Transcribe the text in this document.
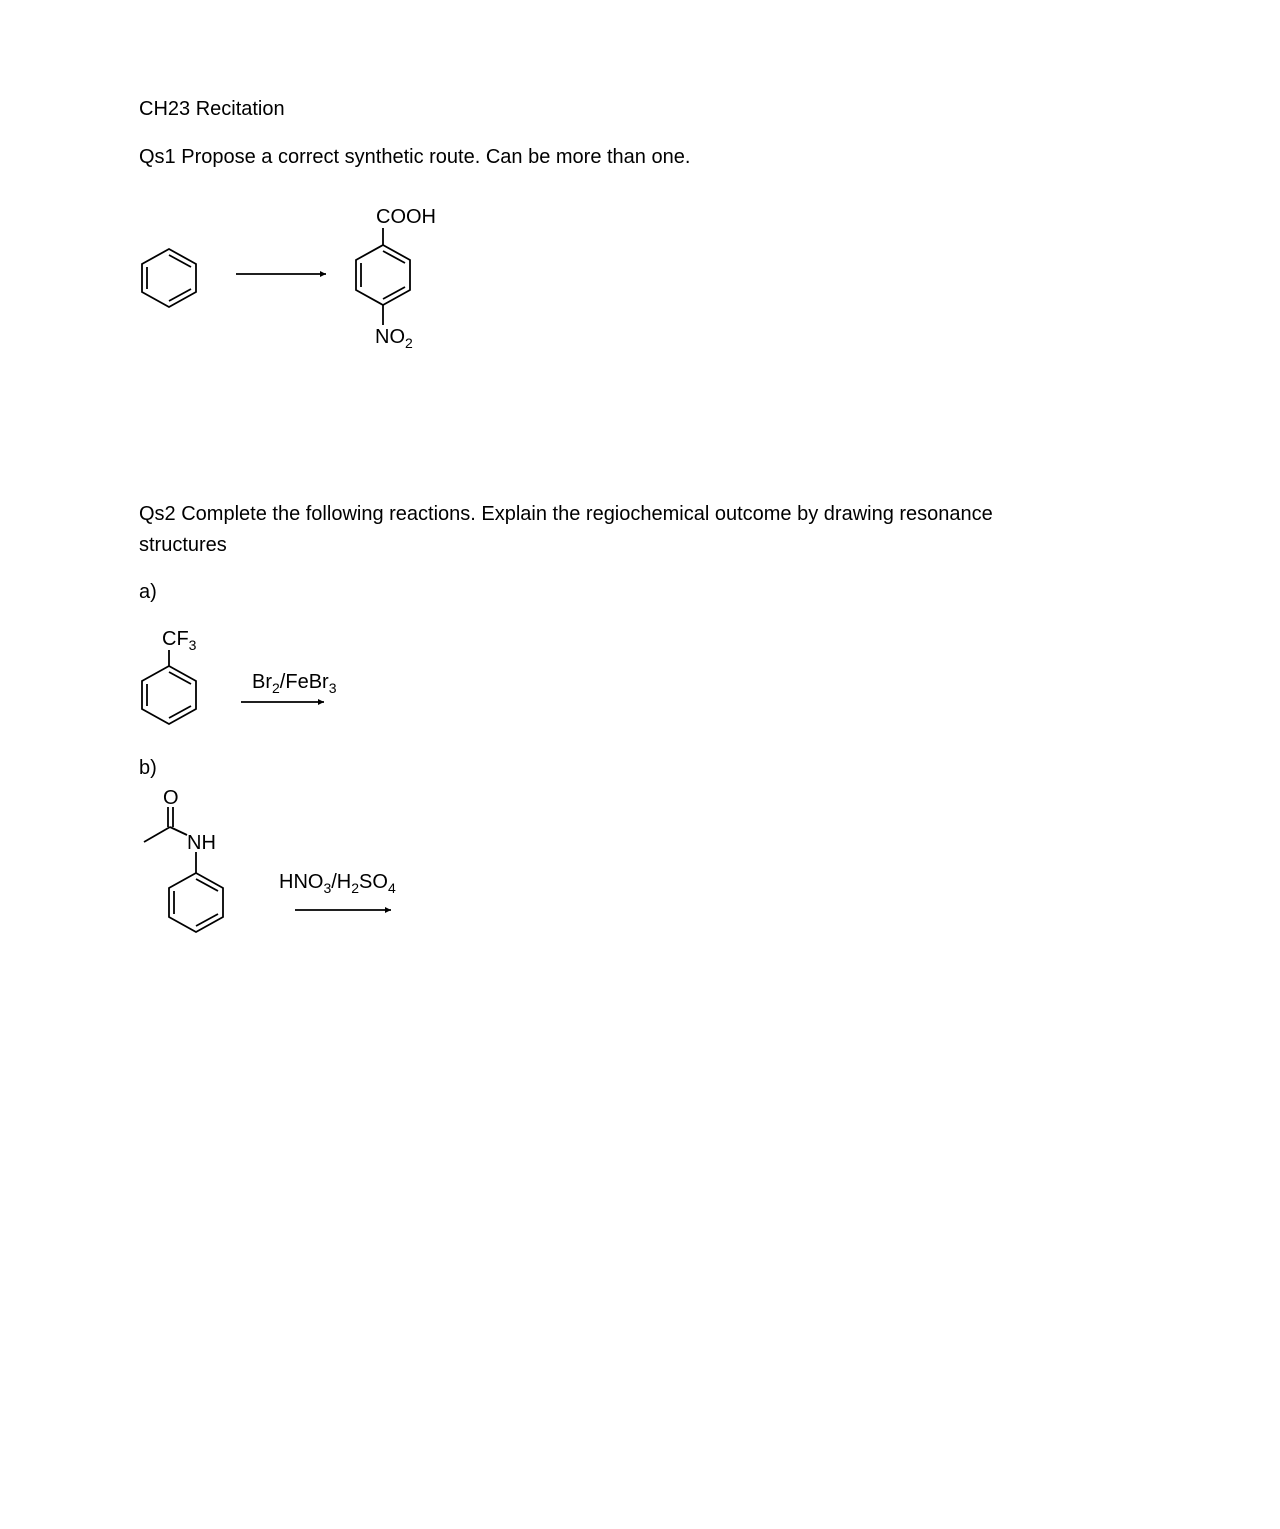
CH23 Recitation
Qs1 Propose a correct synthetic route. Can be more than one.
Qs2 Complete the following reactions. Explain the regiochemical outcome by drawing resonance
structures
a)
b)
COOH
$NO_2$
$CF_3$
$Br_2/FeBr_3$
O
NH
$HNO_3/H_2SO_4$
